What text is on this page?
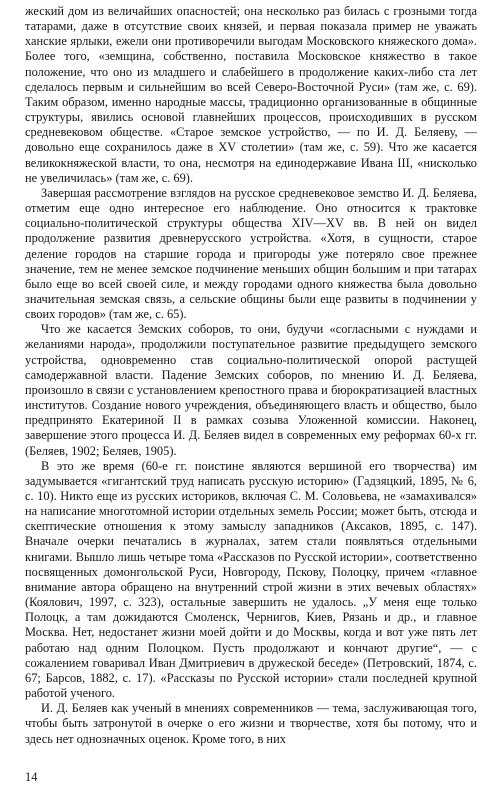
жеский дом из величайших опасностей; она несколько раз билась с грозными тогда татарами, даже в отсутствие своих князей, и первая показала пример не уважать ханские ярлыки, ежели они противоречили выгодам Московского княжеского дома». Более того, «земщина, собственно, поставила Московское княжество в такое положение, что оно из младшего и слабейшего в продолжение каких-либо ста лет сделалось первым и сильнейшим во всей Северо-Восточной Руси» (там же, с. 69). Таким образом, именно народные массы, традиционно организованные в общинные структуры, явились основой главнейших процессов, происходивших в русском средневековом обществе. «Старое земское устройство, — по И. Д. Беляеву, — довольно еще сохранилось даже в XV столетии» (там же, с. 59). Что же касается великокняжеской власти, то она, несмотря на единодержавие Ивана III, «нисколько не увеличилась» (там же, с. 69).

Завершая рассмотрение взглядов на русское средневековое земство И. Д. Беляева, отметим еще одно интересное его наблюдение. Оно относится к трактовке социально-политической структуры общества XIV—XV вв. В ней он видел продолжение развития древнерусского устройства. «Хотя, в сущности, старое деление городов на старшие города и пригороды уже потеряло свое прежнее значение, тем не менее земское подчинение меньших общин большим и при татарах было еще во всей своей силе, и между городами одного княжества была довольно значительная земская связь, а сельские общины были еще развиты в подчинении у своих городов» (там же, с. 65).

Что же касается Земских соборов, то они, будучи «согласными с нуждами и желаниями народа», продолжили поступательное развитие предыдущего земского устройства, одновременно став социально-политической опорой растущей самодержавной власти. Падение Земских соборов, по мнению И. Д. Беляева, произошло в связи с установлением крепостного права и бюрократизацией властных институтов. Создание нового учреждения, объединяющего власть и общество, было предпринято Екатериной II в рамках созыва Уложенной комиссии. Наконец, завершение этого процесса И. Д. Беляев видел в современных ему реформах 60-х гг. (Беляев, 1902; Беляев, 1905).

В это же время (60-е гг. поистине являются вершиной его творчества) им задумывается «гигантский труд написать русскую историю» (Гадзяцкий, 1895, № 6, с. 10). Никто еще из русских историков, включая С. М. Соловьева, не «замахивался» на написание многотомной истории отдельных земель России; может быть, отсюда и скептические отношения к этому замыслу западников (Аксаков, 1895, с. 147). Вначале очерки печатались в журналах, затем стали появляться отдельными книгами. Вышло лишь четыре тома «Рассказов по Русской истории», соответственно посвященных домонгольской Руси, Новгороду, Пскову, Полоцку, причем «главное внимание автора обращено на внутренний строй жизни в этих вечевых областях» (Коялович, 1997, с. 323), остальные завершить не удалось. „У меня еще только Полоцк, а там дожидаются Смоленск, Чернигов, Киев, Рязань и др., и главное Москва. Нет, недостанет жизни моей дойти и до Москвы, когда и вот уже пять лет работаю над одним Полоцком. Пусть продолжают и кончают другие“, — с сожалением говаривал Иван Дмитриевич в дружеской беседе» (Петровский, 1874, с. 67; Барсов, 1882, с. 17). «Рассказы по Русской истории» стали последней крупной работой ученого.

И. Д. Беляев как ученый в мнениях современников — тема, заслуживающая того, чтобы быть затронутой в очерке о его жизни и творчестве, хотя бы потому, что и здесь нет однозначных оценок. Кроме того, в них

14
